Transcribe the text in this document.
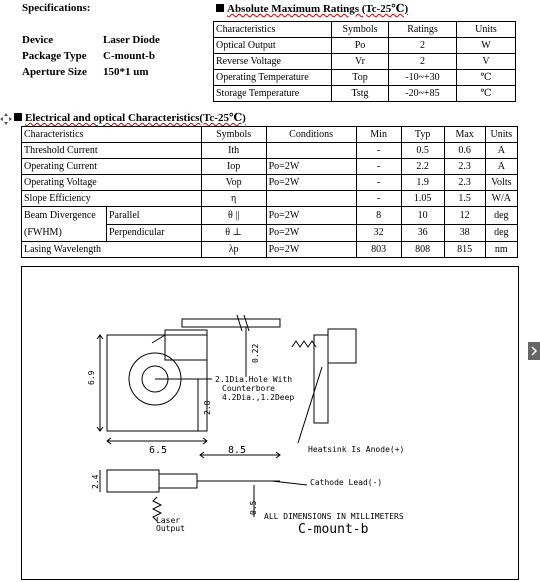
Specifications:
Device	Laser Diode
Package Type C-mount-b
Aperture Size 150*1 um
Absolute Maximum Ratings (Tc-25℃)
Characteristics	Symbols	Ratings	Units
Optical Output	Po	2	W
Reverse Voltage	Vr	2	V
Operating Temperature	Top	-10~+30	℃
Storage Temperature	Tstg	-20~+85	℃
Electrical and optical Characteristics(Tc-25℃)
Characteristics		Symbols	Conditions	Min	Typ	Max	Units
Threshold Current		Ith		-	0.5	0.6	A
Operating Current		Iop	Po=2W	-	2.2	2.3	A
Operating Voltage		Vop	Po=2W	-	1.9	2.3	Volts
Slope Efficiency		η		-	1.05	1.5	W/A
Beam Divergence
(FWHM)	Parallel	θ ||	Po=2W	8	10	12	deg
	Perpendicular	θ ⊥	Po=2W	32	36	38	deg
Lasing Wavelength		λp	Po=2W	803	808	815	nm
6.9
6.5
2.8
0.22
2.1Dia.Hole With
Counterbore
4.2Dia.,1.2Deep
Heatsink Is Anode(+)
8.5
2.4	Cathode Lead(-)
0.5
Laser
Output
ALL DIMENSIONS IN MILLIMETERS
C-mount-b
